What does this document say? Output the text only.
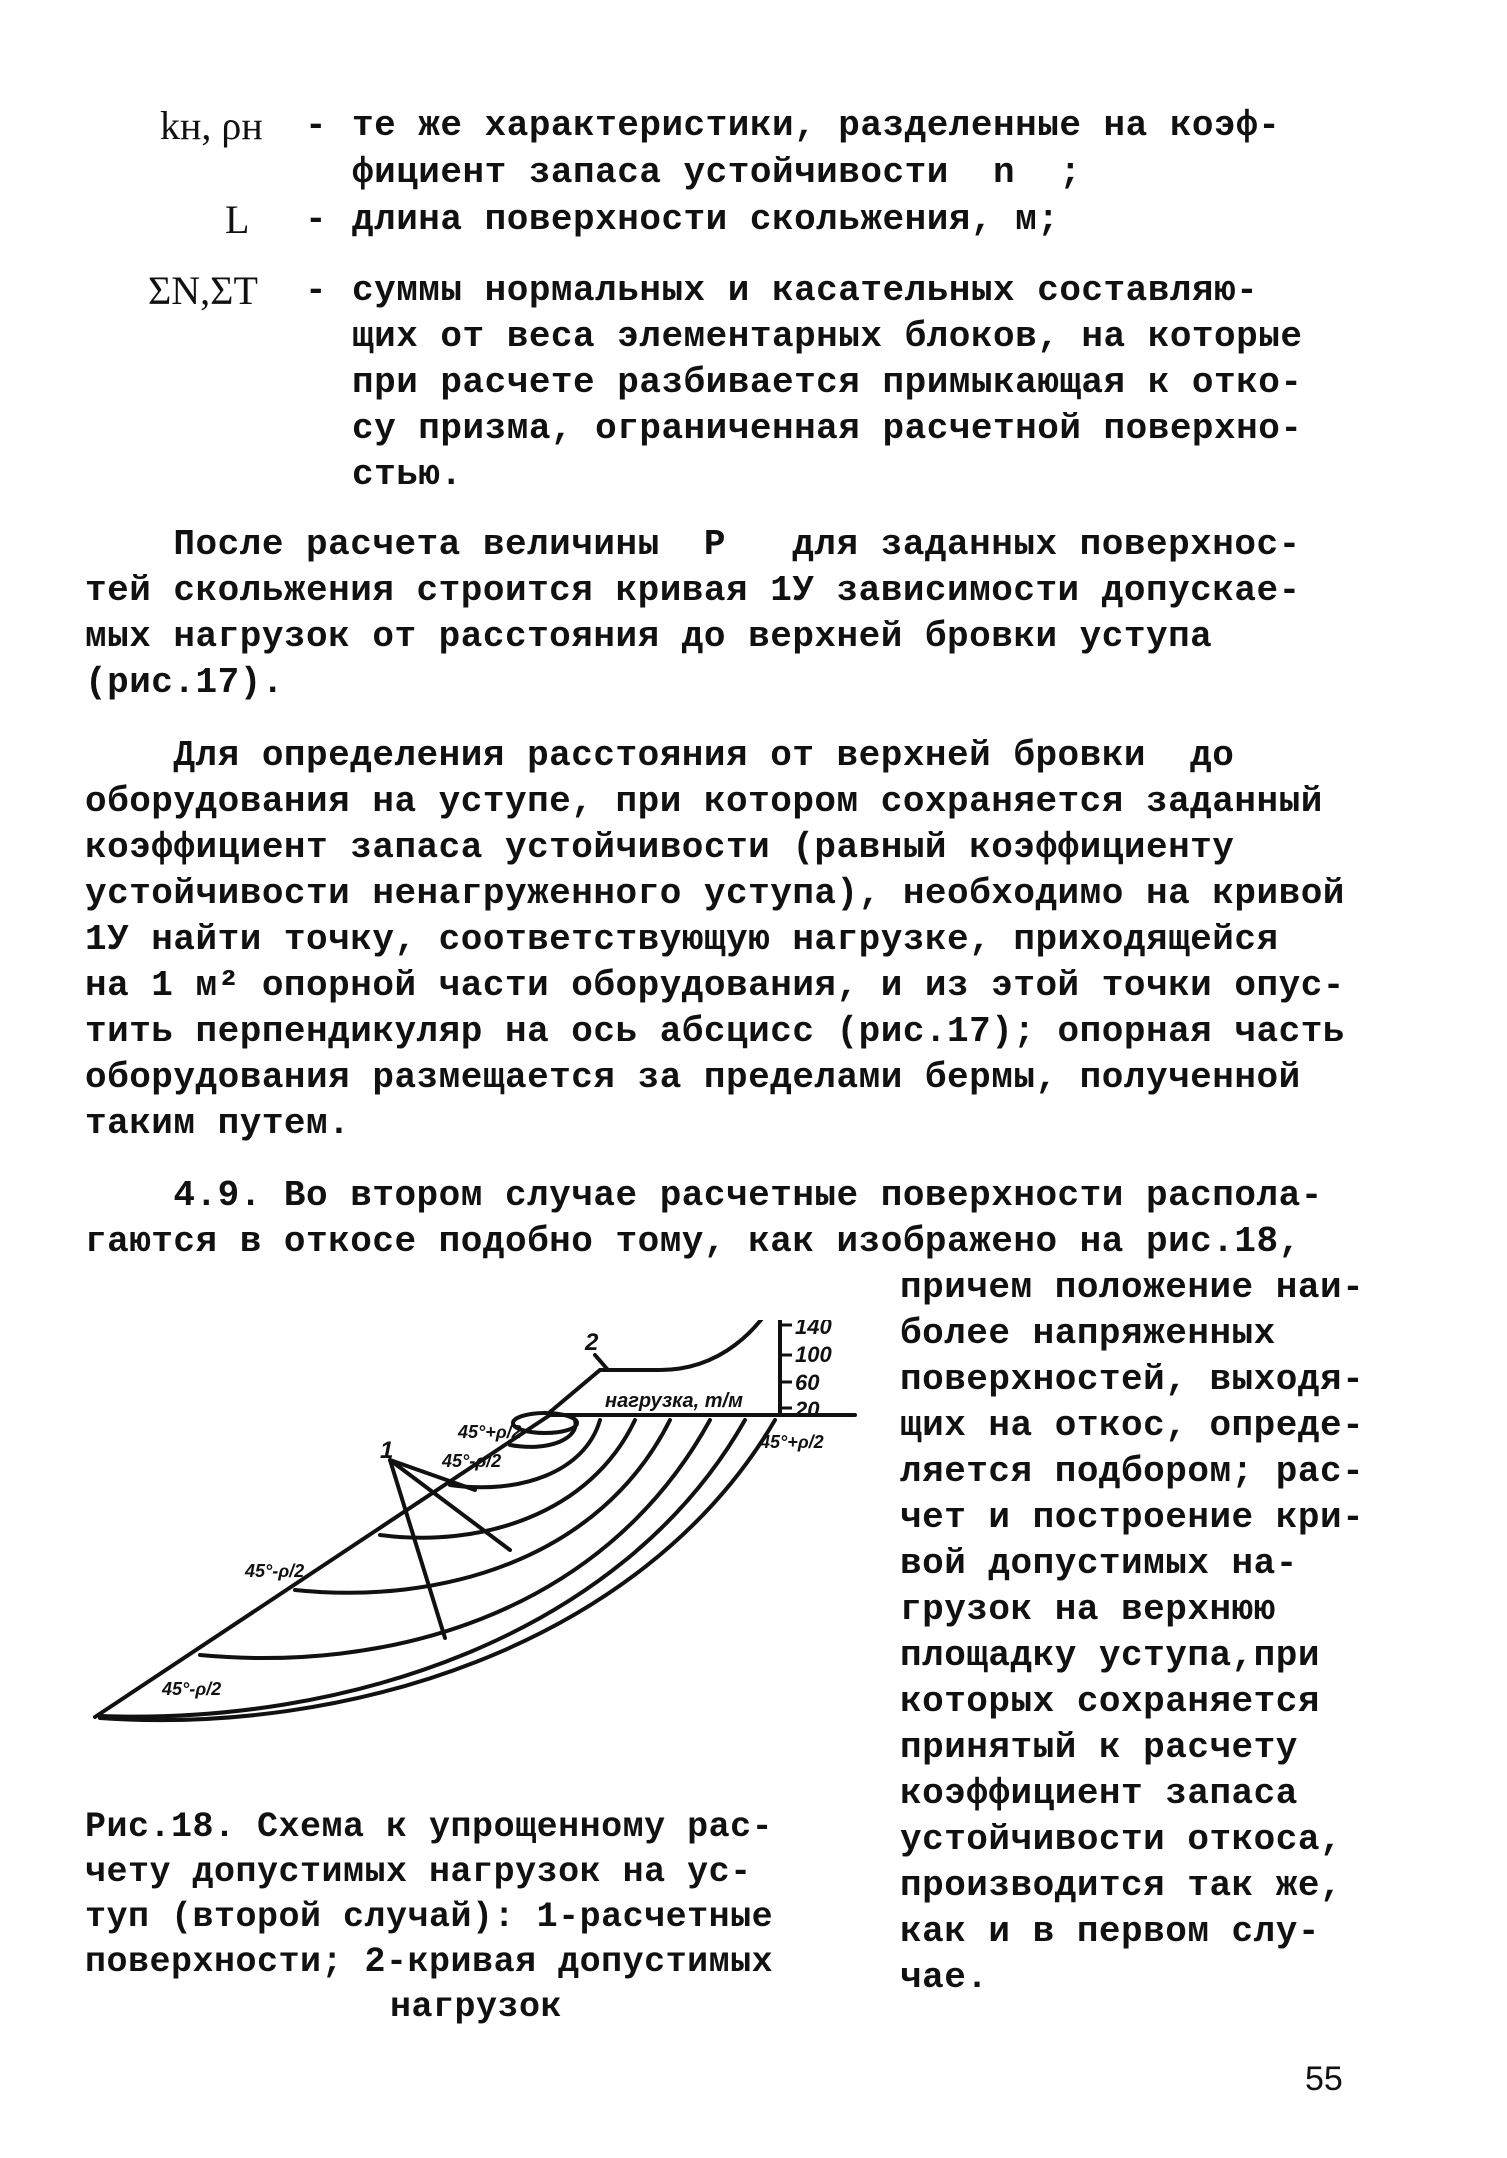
kн, ρн - те же характеристики, разделенные на коэф-
фициент запаса устойчивости  n  ;
L - длина поверхности скольжения, м;
ΣN,ΣT - суммы нормальных и касательных составляю-
щих от веса элементарных блоков, на которые
при расчете разбивается примыкающая к отко-
су призма, ограниченная расчетной поверхно-
стью.
После расчета величины  P   для заданных поверхнос-
тей скольжения строится кривая 1У зависимости допускае-
мых нагрузок от расстояния до верхней бровки уступа
(рис.17).
Для определения расстояния от верхней бровки  до
оборудования на уступе, при котором сохраняется заданный
коэффициент запаса устойчивости (равный коэффициенту
устойчивости ненагруженного уступа), необходимо на кривой
1У найти точку, соответствующую нагрузке, приходящейся
на 1 м² опорной части оборудования, и из этой точки опус-
тить перпендикуляр на ось абсцисс (рис.17); опорная часть
оборудования размещается за пределами бермы, полученной
таким путем.
4.9. Во втором случае расчетные поверхности распола-
гаются в откосе подобно тому, как изображено на рис.18,
причем положение наи-
более напряженных
поверхностей, выходя-
щих на откос, опреде-
ляется подбором; рас-
чет и построение кри-
вой допустимых на-
грузок на верхнюю
площадку уступа,при
которых сохраняется
принятый к расчету
коэффициент запаса
устойчивости откоса,
производится так же,
как и в первом слу-
чае.
140
100
60
20
1
2
нагрузка, т/м
45°+ρ/2
45°-ρ/2
45°-ρ/2
45°-ρ/2
45°+ρ/2
Рис.18. Схема к упрощенному рас-
чету допустимых нагрузок на ус-
туп (второй случай): 1-расчетные
поверхности; 2-кривая допустимых
нагрузок
55
